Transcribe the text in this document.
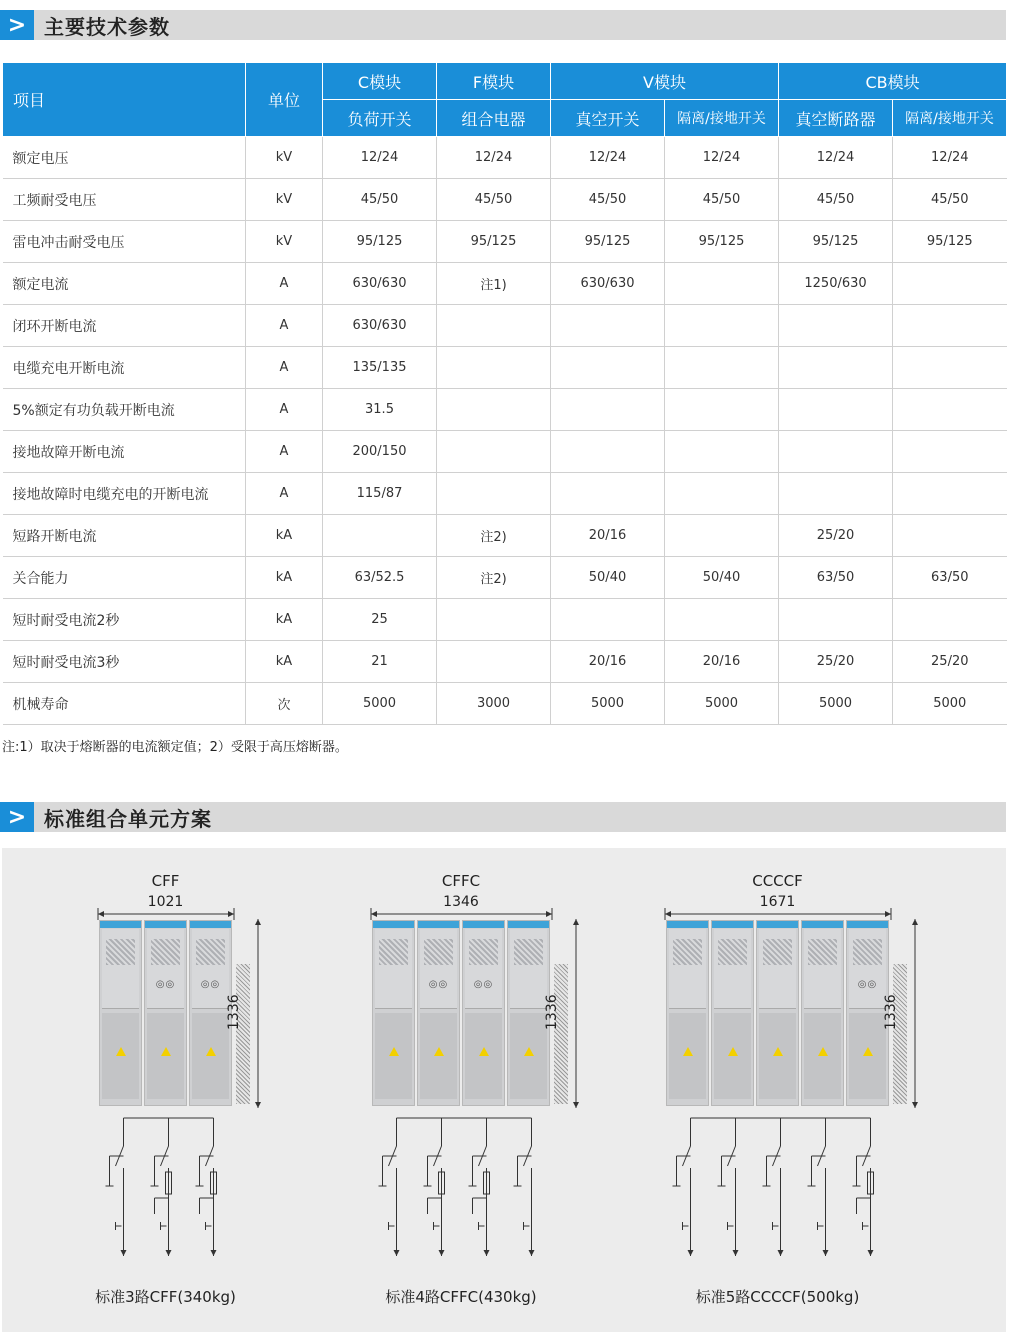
> 主要技术参数
项目	单位	C模块	F模块	V模块		CB模块	
		负荷开关	组合电器	真空开关	隔离/接地开关	真空断路器	隔离/接地开关
额定电压	kV	12/24	12/24	12/24	12/24	12/24	12/24
工频耐受电压	kV	45/50	45/50	45/50	45/50	45/50	45/50
雷电冲击耐受电压	kV	95/125	95/125	95/125	95/125	95/125	95/125
额定电流	A	630/630	注1)	630/630		1250/630	
闭环开断电流	A	630/630					
电缆充电开断电流	A	135/135					
5%额定有功负载开断电流	A	31.5					
接地故障开断电流	A	200/150					
接地故障时电缆充电的开断电流	A	115/87					
短路开断电流	kA		注2)	20/16		25/20	
关合能力	kA	63/52.5	注2)	50/40	50/40	63/50	63/50
短时耐受电流2秒	kA	25					
短时耐受电流3秒	kA	21		20/16	20/16	25/20	25/20
机械寿命	次	5000	3000	5000	5000	5000	5000
注:1）取决于熔断器的电流额定值；2）受限于高压熔断器。
> 标准组合单元方案
CFF
1021
◎◎	◎◎
1336
标准3路CFF(340kg)
CFFC
1346
◎◎	◎◎
1336
标准4路CFFC(430kg)
CCCCF
1671
◎◎
1336
标准5路CCCCF(500kg)
